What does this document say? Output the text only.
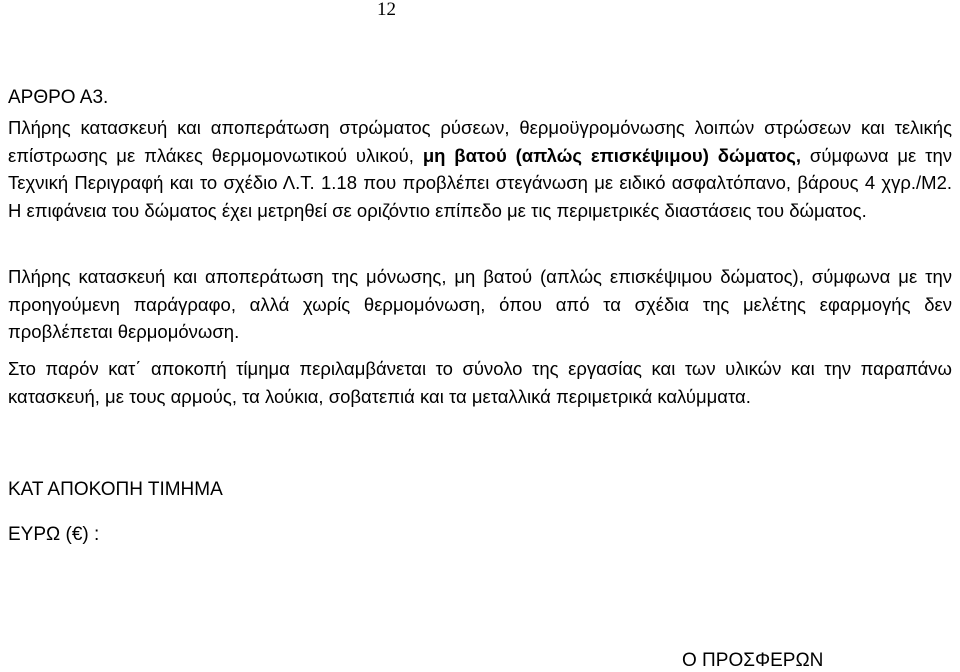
12
ΑΡΘΡΟ Α3.

Πλήρης κατασκευή και αποπεράτωση στρώματος ρύσεων, θερμοϋγρομόνωσης λοιπών στρώσεων και τελικής επίστρωσης με πλάκες θερμομονωτικού υλικού, μη βατού (απλώς επισκέψιμου) δώματος, σύμφωνα με την Τεχνική Περιγραφή και το σχέδιο Λ.Τ. 1.18 που προβλέπει στεγάνωση με ειδικό ασφαλτόπανο, βάρους 4 χγρ./Μ2. Η επιφάνεια του δώματος έχει μετρηθεί σε οριζόντιο επίπεδο με τις περιμετρικές διαστάσεις του δώματος.

Πλήρης κατασκευή και αποπεράτωση της μόνωσης, μη βατού (απλώς επισκέψιμου δώματος), σύμφωνα με την προηγούμενη παράγραφο, αλλά χωρίς θερμομόνωση, όπου από τα σχέδια της μελέτης εφαρμογής δεν προβλέπεται θερμομόνωση.

Στο παρόν κατ΄ αποκοπή τίμημα περιλαμβάνεται το σύνολο της εργασίας και των υλικών και την παραπάνω κατασκευή, με τους αρμούς, τα λούκια, σοβατεπιά και τα μεταλλικά περιμετρικά καλύμματα.

ΚΑΤ ΑΠΟΚΟΠΗ ΤΙΜΗΜΑ
ΕΥΡΩ (€) :
Ο ΠΡΟΣΦΕΡΩΝ
